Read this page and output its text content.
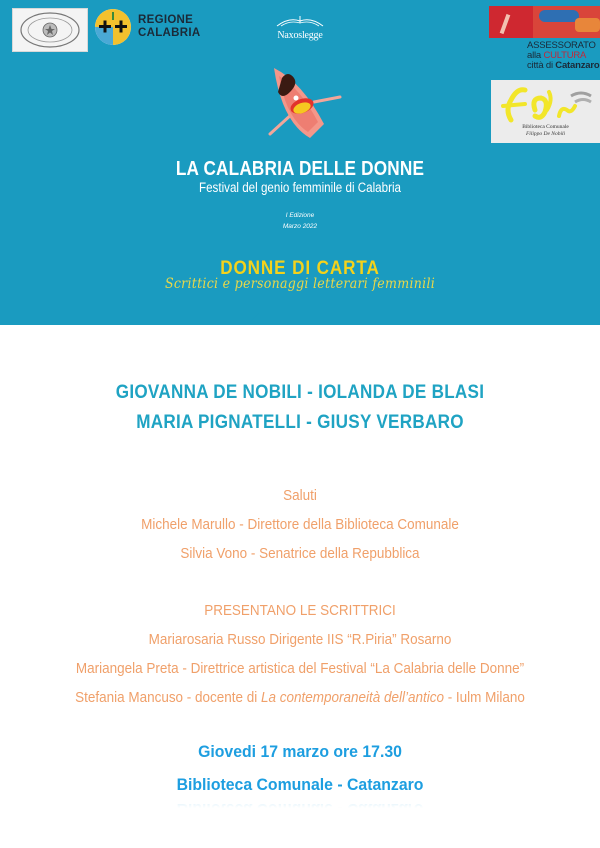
REGIONE
CALABRIA	Naxoslegge
ASSESSORATO
alla CULTURA
città di Catanzaro
Biblioteca Comunale
Filippo De Nobili
LA CALABRIA DELLE DONNE
Festival del genio femminile di Calabria
I Edizione
Marzo 2022
DONNE DI CARTA
Scrittici e personaggi letterari femminili
GIOVANNA DE NOBILI - IOLANDA DE BLASI
MARIA PIGNATELLI - GIUSY VERBARO
Saluti
Michele Marullo - Direttore della Biblioteca Comunale
Silvia Vono - Senatrice della Repubblica
PRESENTANO LE SCRITTRICI
Mariarosaria Russo Dirigente IIS “R.Piria” Rosarno
Mariangela Preta - Direttrice artistica del Festival “La Calabria delle Donne”
Stefania Mancuso - docente di La contemporaneità dell’antico - Iulm Milano
Giovedi 17 marzo ore 17.30
Biblioteca Comunale - Catanzaro
